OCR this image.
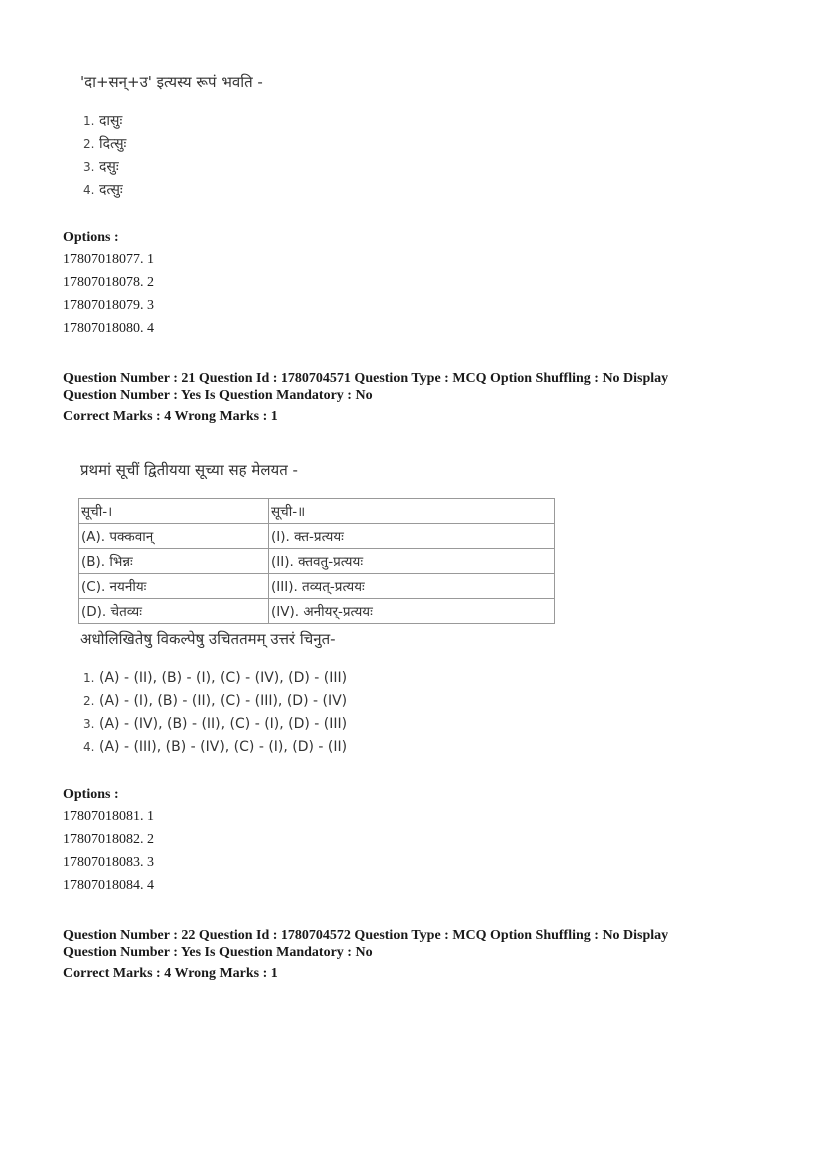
'दा+सन्+उ' इत्यस्य रूपं भवति -
1. दासुः
2. दित्सुः
3. दसुः
4. दत्सुः
Options :
17807018077. 1
17807018078. 2
17807018079. 3
17807018080. 4
Question Number : 21 Question Id : 1780704571 Question Type : MCQ Option Shuffling : No Display
Question Number : Yes Is Question Mandatory : No
Correct Marks : 4 Wrong Marks : 1
प्रथमां सूचीं द्वितीयया सूच्या सह मेलयत -
सूची-।	सूची-॥
(A). पक्कवान्	(I). क्त-प्रत्ययः
(B). भिन्नः	(II). क्तवतु-प्रत्ययः
(C). नयनीयः	(III). तव्यत्-प्रत्ययः
(D). चेतव्यः	(IV). अनीयर्-प्रत्ययः
अधोलिखितेषु विकल्पेषु उचिततमम् उत्तरं चिनुत-
1. (A) - (II), (B) - (I), (C) - (IV), (D) - (III)
2. (A) - (I), (B) - (II), (C) - (III), (D) - (IV)
3. (A) - (IV), (B) - (II), (C) - (I), (D) - (III)
4. (A) - (III), (B) - (IV), (C) - (I), (D) - (II)
Options :
17807018081. 1
17807018082. 2
17807018083. 3
17807018084. 4
Question Number : 22 Question Id : 1780704572 Question Type : MCQ Option Shuffling : No Display
Question Number : Yes Is Question Mandatory : No
Correct Marks : 4 Wrong Marks : 1
